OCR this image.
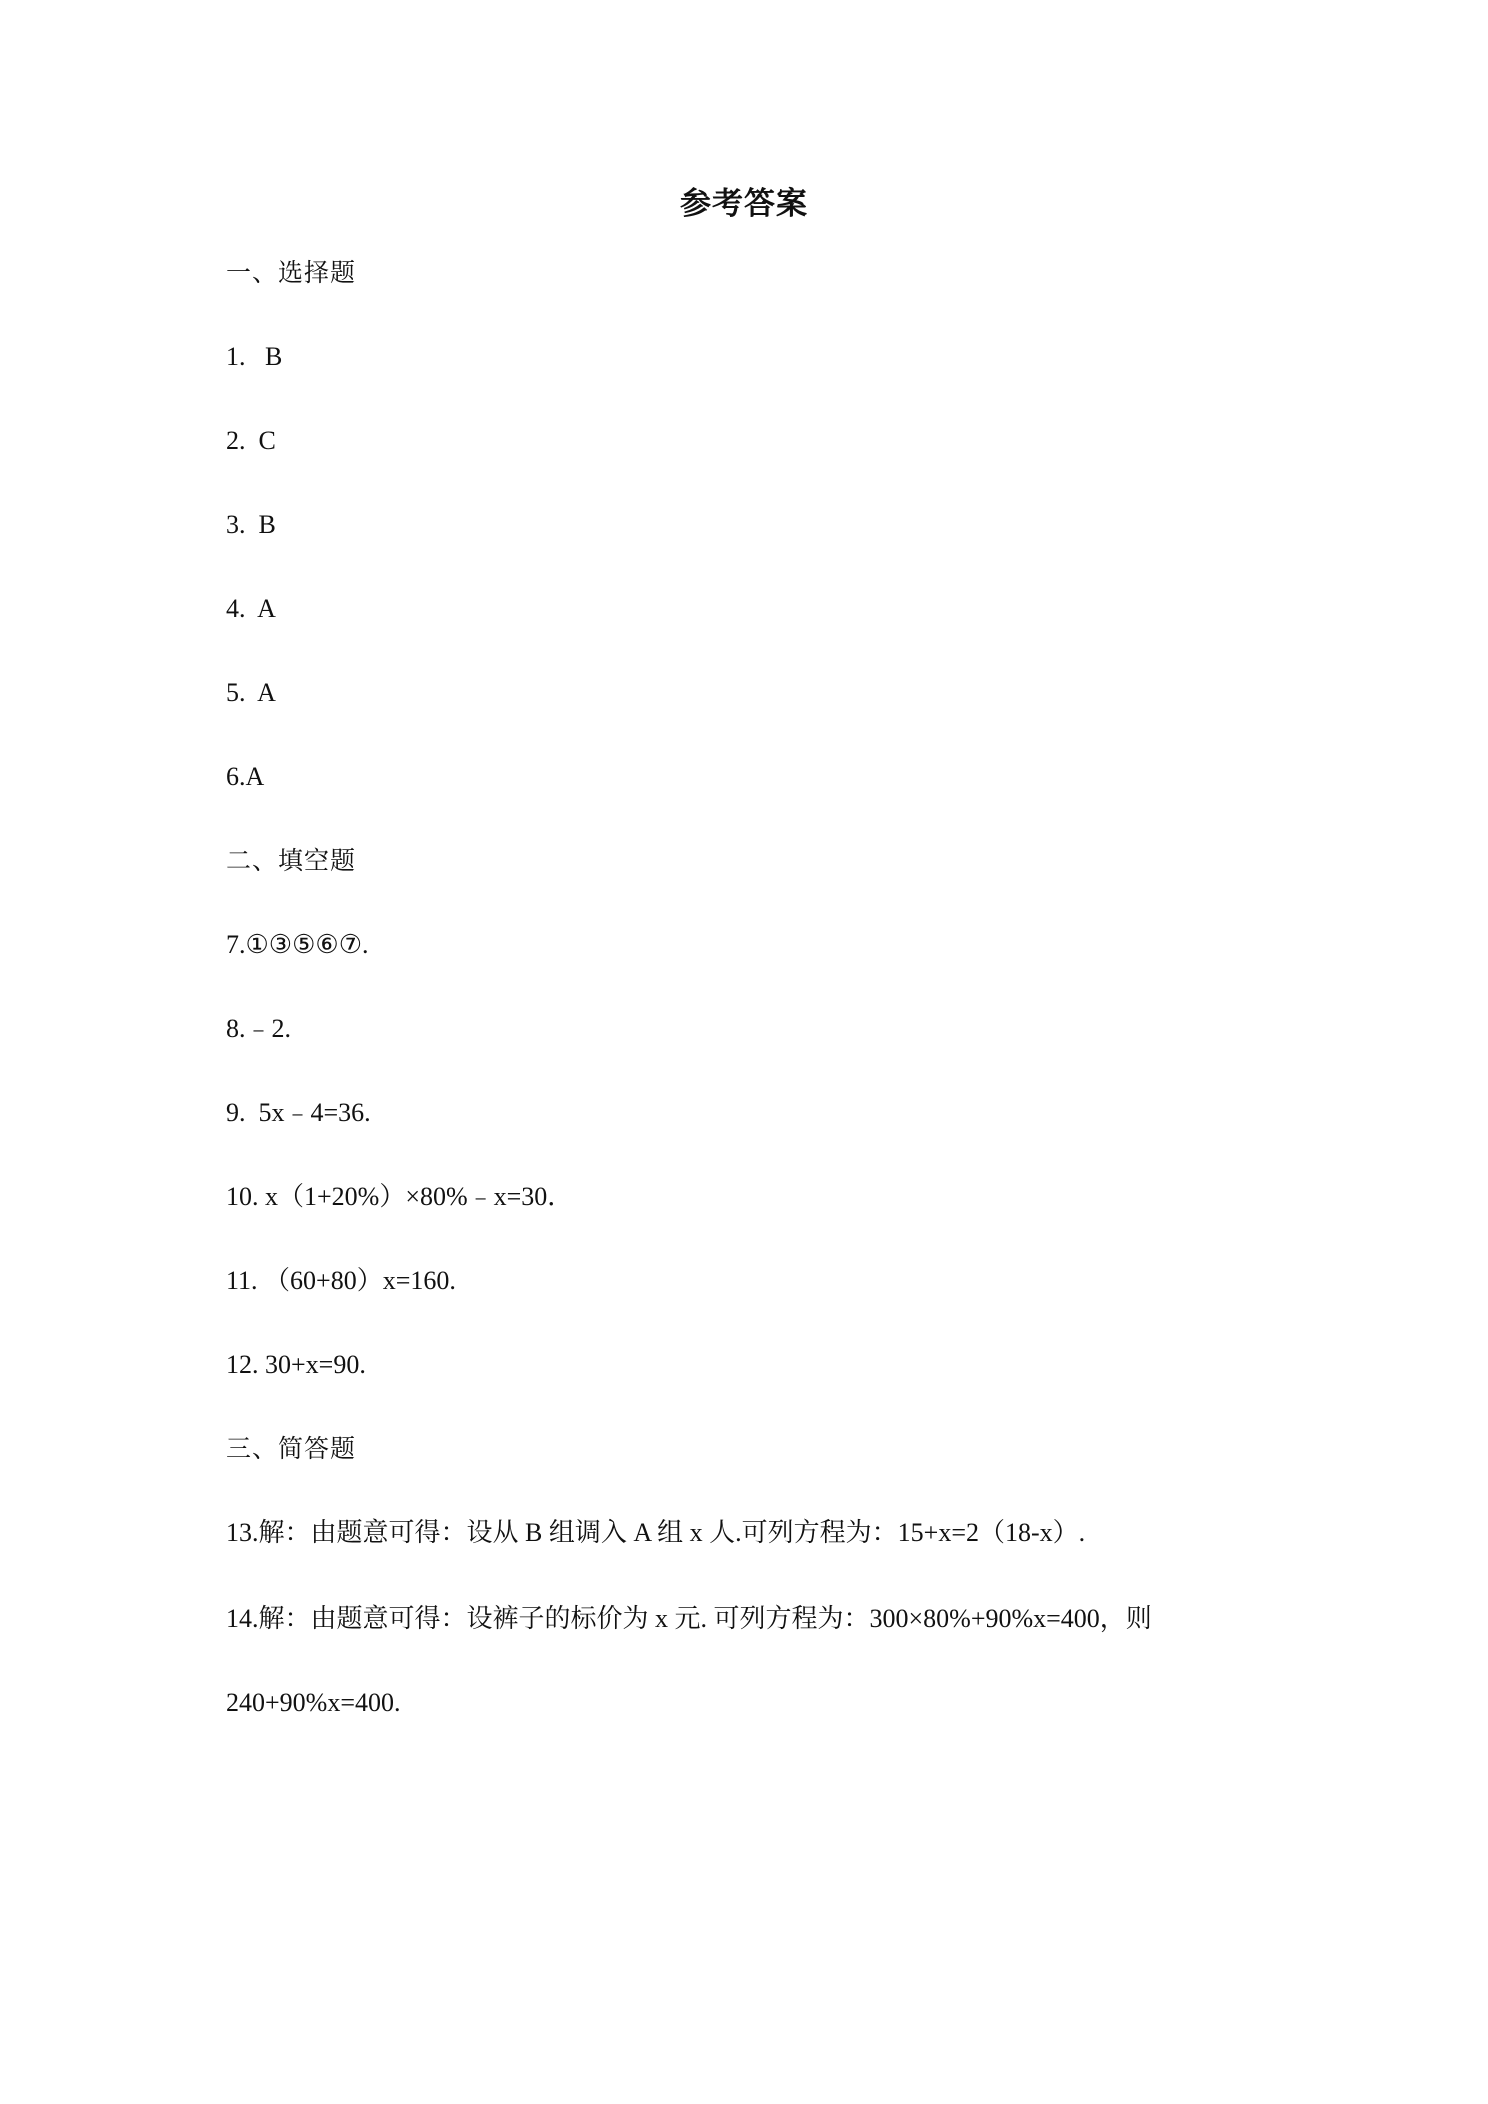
参考答案
一、选择题
1.   B
2.  C
3.  B
4.  A
5.  A
6.A
二、填空题
7.①③⑤⑥⑦.
8.﹣2.
9.  5x﹣4=36.
10. x（1+20%）×80%﹣x=30．
11. （60+80）x=160.
12. 30+x=90.
三、简答题
13.解：由题意可得：设从 B 组调入 A 组 x 人.可列方程为：15+x=2（18-x）.
14.解：由题意可得：设裤子的标价为 x 元. 可列方程为：300×80%+90%x=400，则 240+90%x=400.
